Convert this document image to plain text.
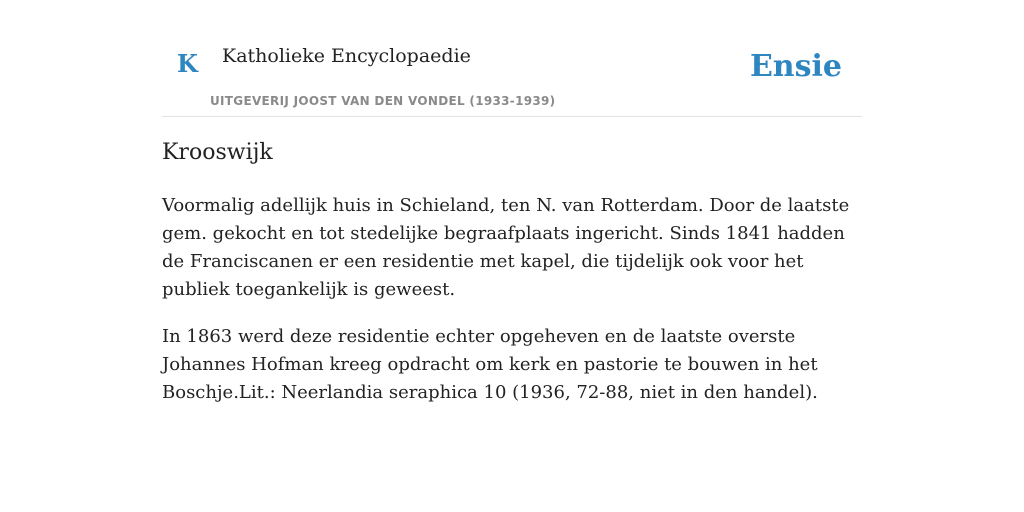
K Katholieke Encyclopaedie
UITGEVERIJ JOOST VAN DEN VONDEL (1933-1939)
Ensie
Krooswijk

Voormalig adellijk huis in Schieland, ten N. van Rotterdam. Door de laatste gem. gekocht en tot stedelijke begraafplaats ingericht. Sinds 1841 hadden de Franciscanen er een residentie met kapel, die tijdelijk ook voor het publiek toegankelijk is geweest.

In 1863 werd deze residentie echter opgeheven en de laatste overste Johannes Hofman kreeg opdracht om kerk en pastorie te bouwen in het Boschje.Lit.: Neerlandia seraphica 10 (1936, 72-88, niet in den handel).
